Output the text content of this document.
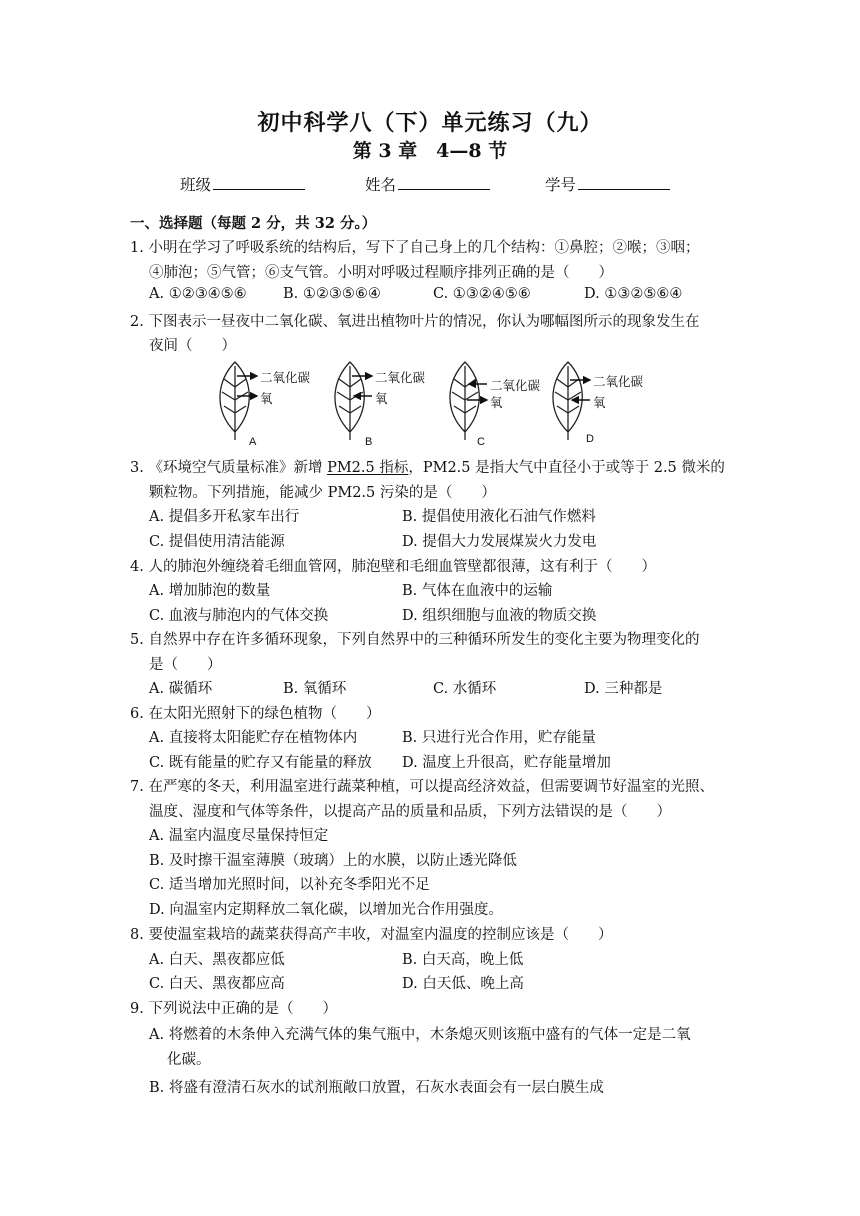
初中科学八（下）单元练习（九）
第 3 章　4—8 节
班级	姓名	学号
一、选择题（每题 2 分，共 32 分。）
1. 小明在学习了呼吸系统的结构后，写下了自己身上的几个结构：①鼻腔；②喉；③咽；
④肺泡；⑤气管；⑥支气管。小明对呼吸过程顺序排列正确的是（　　）
A. ①②③④⑤⑥	B. ①②③⑤⑥④	C. ①③②④⑤⑥	D. ①③②⑤⑥④
2. 下图表示一昼夜中二氧化碳、氧进出植物叶片的情况，你认为哪幅图所示的现象发生在
夜间（　　）
二氧化碳
氧
二氧化碳
氧
二氧化碳
氧
二氧化碳
氧
A	B	C	D
3. 《环境空气质量标准》新增 PM2.5 指标，PM2.5 是指大气中直径小于或等于 2.5 微米的
颗粒物。下列措施，能减少 PM2.5 污染的是（　　）
A. 提倡多开私家车出行	B. 提倡使用液化石油气作燃料
C. 提倡使用清洁能源	D. 提倡大力发展煤炭火力发电
4. 人的肺泡外缠绕着毛细血管网，肺泡壁和毛细血管壁都很薄，这有利于（　　）
A. 增加肺泡的数量	B. 气体在血液中的运输
C. 血液与肺泡内的气体交换	D. 组织细胞与血液的物质交换
5. 自然界中存在许多循环现象，下列自然界中的三种循环所发生的变化主要为物理变化的
是（　　）
A. 碳循环	B. 氧循环	C. 水循环	D. 三种都是
6. 在太阳光照射下的绿色植物（　　）
A. 直接将太阳能贮存在植物体内	B. 只进行光合作用，贮存能量
C. 既有能量的贮存又有能量的释放 D. 温度上升很高，贮存能量增加
7. 在严寒的冬天，利用温室进行蔬菜种植，可以提高经济效益，但需要调节好温室的光照、
温度、湿度和气体等条件，以提高产品的质量和品质，下列方法错误的是（　　）
A. 温室内温度尽量保持恒定
B. 及时擦干温室薄膜（玻璃）上的水膜，以防止透光降低
C. 适当增加光照时间，以补充冬季阳光不足
D. 向温室内定期释放二氧化碳，以增加光合作用强度。
8. 要使温室栽培的蔬菜获得高产丰收，对温室内温度的控制应该是（　　）
A. 白天、黑夜都应低	B. 白天高，晚上低
C. 白天、黑夜都应高	D. 白天低、晚上高
9. 下列说法中正确的是（　　）
A. 将燃着的木条伸入充满气体的集气瓶中，木条熄灭则该瓶中盛有的气体一定是二氧
化碳。
B. 将盛有澄清石灰水的试剂瓶敞口放置，石灰水表面会有一层白膜生成
